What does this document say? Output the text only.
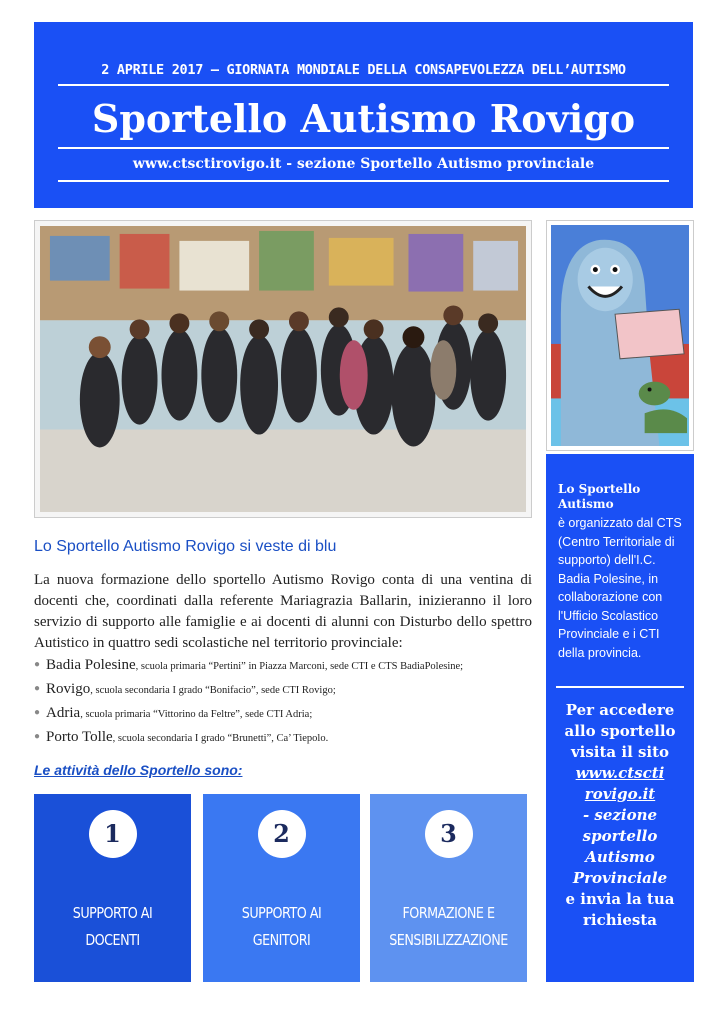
2 APRILE 2017 – GIORNATA MONDIALE DELLA CONSAPEVOLEZZA DELL’AUTISMO
Sportello Autismo Rovigo
www.ctsctirovigo.it - sezione Sportello Autismo provinciale
Lo Sportello Autismo
è organizzato dal CTS (Centro Territoriale di supporto) dell'I.C. Badia Polesine, in collaborazione con l'Ufficio Scolastico Provinciale e i CTI della provincia.
Per accedere allo sportello visita il sito
www.ctscti rovigo.it
- sezione sportello Autismo Provinciale
e invia la tua richiesta
Lo Sportello Autismo Rovigo si veste di blu
La nuova formazione dello sportello Autismo Rovigo conta di una ventina di docenti che, coordinati dalla referente Mariagrazia Ballarin, inizieranno il loro servizio di supporto alle famiglie e ai docenti di alunni con Disturbo dello spettro Autistico in quattro sedi scolastiche nel territorio provinciale:
● Badia Polesine, scuola primaria “Pertini” in Piazza Marconi, sede CTI e CTS BadiaPolesine;
● Rovigo, scuola secondaria I grado “Bonifacio”, sede CTI Rovigo;
● Adria, scuola primaria “Vittorino da Feltre”, sede CTI Adria;
● Porto Tolle, scuola secondaria I grado “Brunetti”, Ca’ Tiepolo.
Le attività dello Sportello sono:
1
SUPPORTO AI
DOCENTI
2
SUPPORTO AI
GENITORI
3
FORMAZIONE E
SENSIBILIZZAZIONE
